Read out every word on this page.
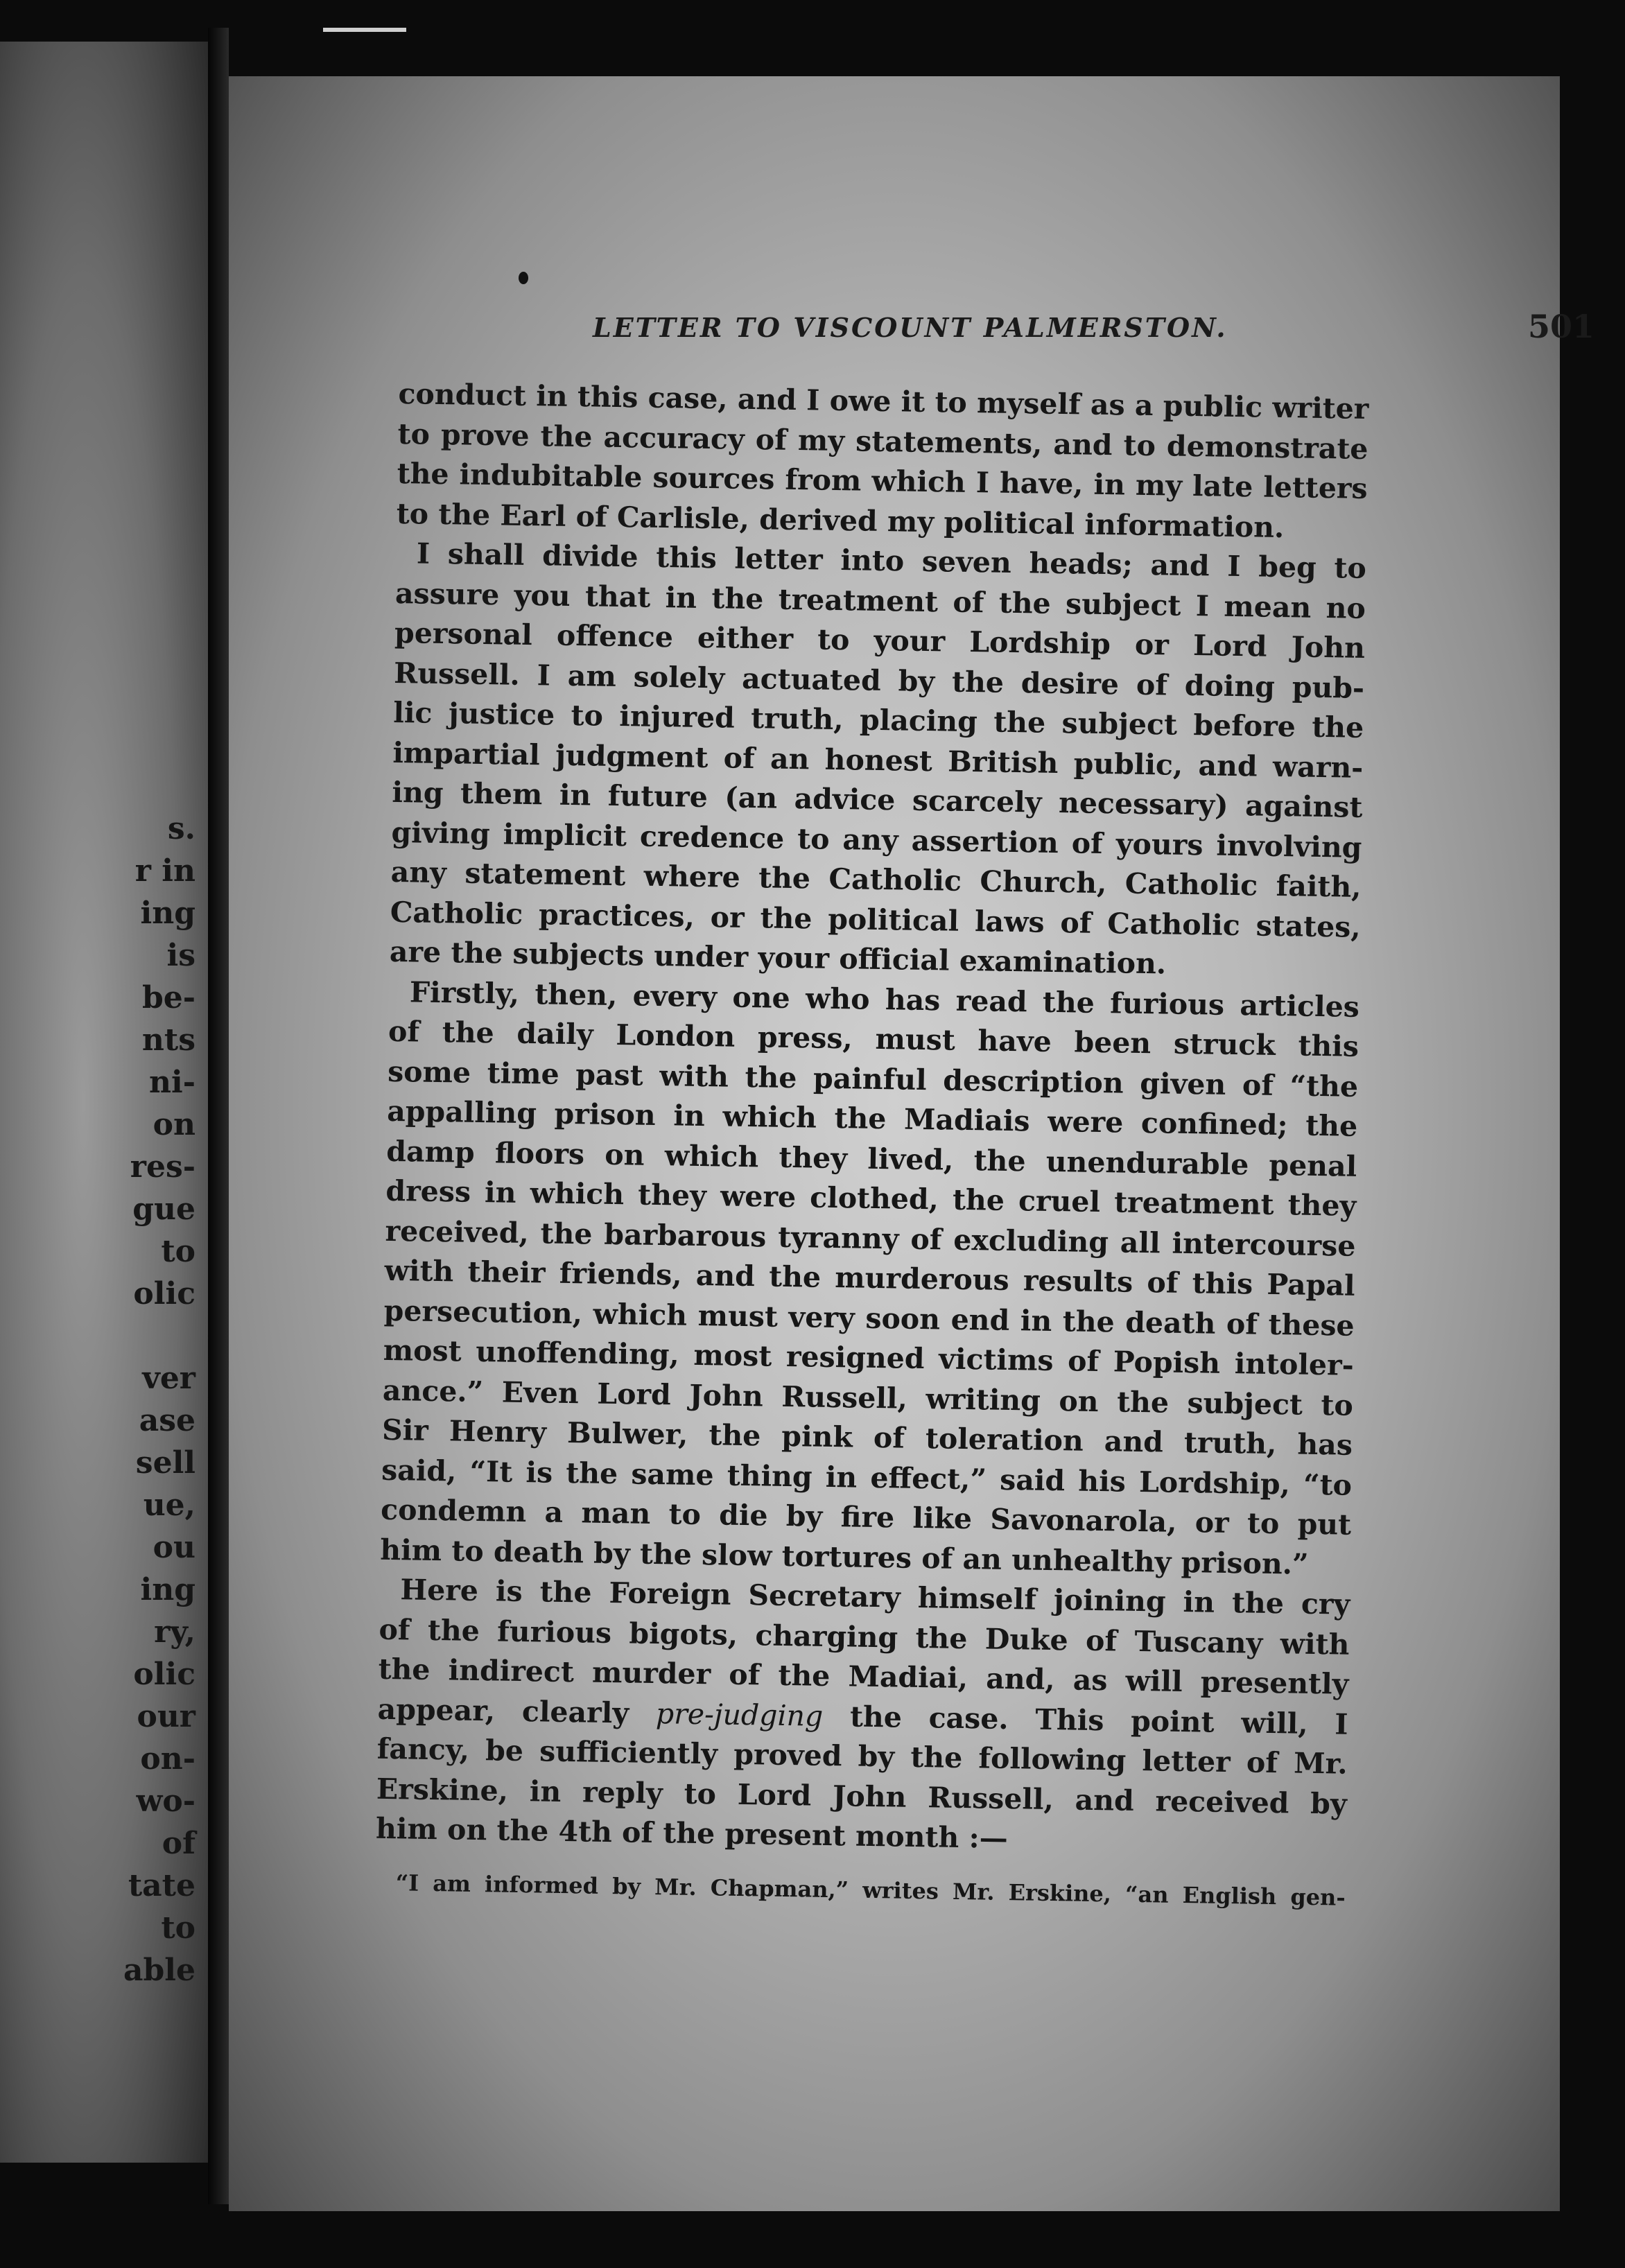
s.
r in
ing
is
be-
nts
ni-
on
res-
gue
to
olic
ver
ase
sell
ue,
ou
ing
ry,
olic
our
on-
wo-
of
tate
to
able
LETTER TO VISCOUNT PALMERSTON.	501
conduct in this case, and I owe it to myself as a public writer
to prove the accuracy of my statements, and to demonstrate
the indubitable sources from which I have, in my late letters
to the Earl of Carlisle, derived my political information.
I shall divide this letter into seven heads; and I beg to
assure you that in the treatment of the subject I mean no
personal offence either to your Lordship or Lord John
Russell. I am solely actuated by the desire of doing pub-
lic justice to injured truth, placing the subject before the
impartial judgment of an honest British public, and warn-
ing them in future (an advice scarcely necessary) against
giving implicit credence to any assertion of yours involving
any statement where the Catholic Church, Catholic faith,
Catholic practices, or the political laws of Catholic states,
are the subjects under your official examination.
Firstly, then, every one who has read the furious articles
of the daily London press, must have been struck this
some time past with the painful description given of “the
appalling prison in which the Madiais were confined; the
damp floors on which they lived, the unendurable penal
dress in which they were clothed, the cruel treatment they
received, the barbarous tyranny of excluding all intercourse
with their friends, and the murderous results of this Papal
persecution, which must very soon end in the death of these
most unoffending, most resigned victims of Popish intoler-
ance.” Even Lord John Russell, writing on the subject to
Sir Henry Bulwer, the pink of toleration and truth, has
said, “It is the same thing in effect,” said his Lordship, “to
condemn a man to die by fire like Savonarola, or to put
him to death by the slow tortures of an unhealthy prison.”
Here is the Foreign Secretary himself joining in the cry
of the furious bigots, charging the Duke of Tuscany with
the indirect murder of the Madiai, and, as will presently
appear, clearly pre-judging the case. This point will, I
fancy, be sufficiently proved by the following letter of Mr.
Erskine, in reply to Lord John Russell, and received by
him on the 4th of the present month :—
“I am informed by Mr. Chapman,” writes Mr. Erskine, “an English gen-
